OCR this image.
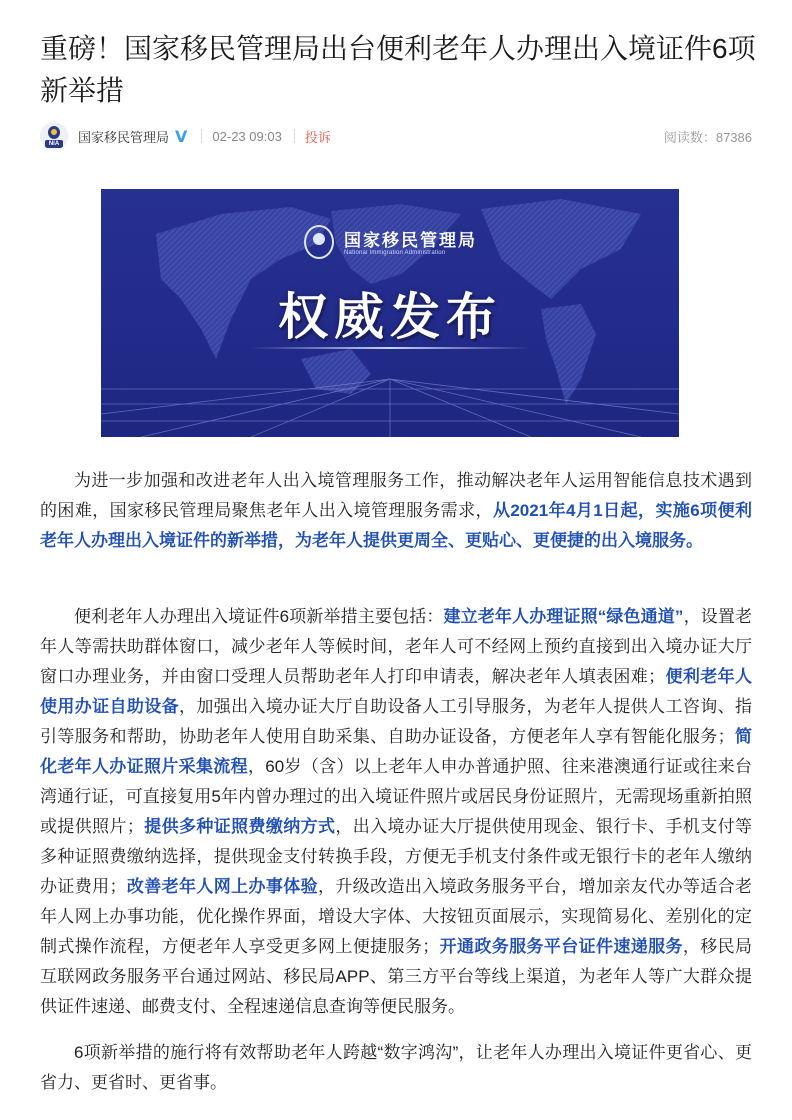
重磅！国家移民管理局出台便利老年人办理出入境证件6项新举措
NIA 国家移民管理局 V 02-23 09:03 投诉	阅读数：87386
国家移民管理局
National Immigration Administration
权威发布

为进一步加强和改进老年人出入境管理服务工作，推动解决老年人运用智能信息技术遇到的困难，国家移民管理局聚焦老年人出入境管理服务需求，从2021年4月1日起，实施6项便利老年人办理出入境证件的新举措，为老年人提供更周全、更贴心、更便捷的出入境服务。

便利老年人办理出入境证件6项新举措主要包括：建立老年人办理证照“绿色通道”，设置老年人等需扶助群体窗口，减少老年人等候时间，老年人可不经网上预约直接到出入境办证大厅窗口办理业务，并由窗口受理人员帮助老年人打印申请表，解决老年人填表困难；便利老年人使用办证自助设备，加强出入境办证大厅自助设备人工引导服务，为老年人提供人工咨询、指引等服务和帮助，协助老年人使用自助采集、自助办证设备，方便老年人享有智能化服务；简化老年人办证照片采集流程，60岁（含）以上老年人申办普通护照、往来港澳通行证或往来台湾通行证，可直接复用5年内曾办理过的出入境证件照片或居民身份证照片，无需现场重新拍照或提供照片；提供多种证照费缴纳方式，出入境办证大厅提供使用现金、银行卡、手机支付等多种证照费缴纳选择，提供现金支付转换手段，方便无手机支付条件或无银行卡的老年人缴纳办证费用；改善老年人网上办事体验，升级改造出入境政务服务平台，增加亲友代办等适合老年人网上办事功能，优化操作界面，增设大字体、大按钮页面展示，实现简易化、差别化的定制式操作流程，方便老年人享受更多网上便捷服务；开通政务服务平台证件速递服务，移民局互联网政务服务平台通过网站、移民局APP、第三方平台等线上渠道，为老年人等广大群众提供证件速递、邮费支付、全程速递信息查询等便民服务。

6项新举措的施行将有效帮助老年人跨越“数字鸿沟”，让老年人办理出入境证件更省心、更省力、更省时、更省事。
